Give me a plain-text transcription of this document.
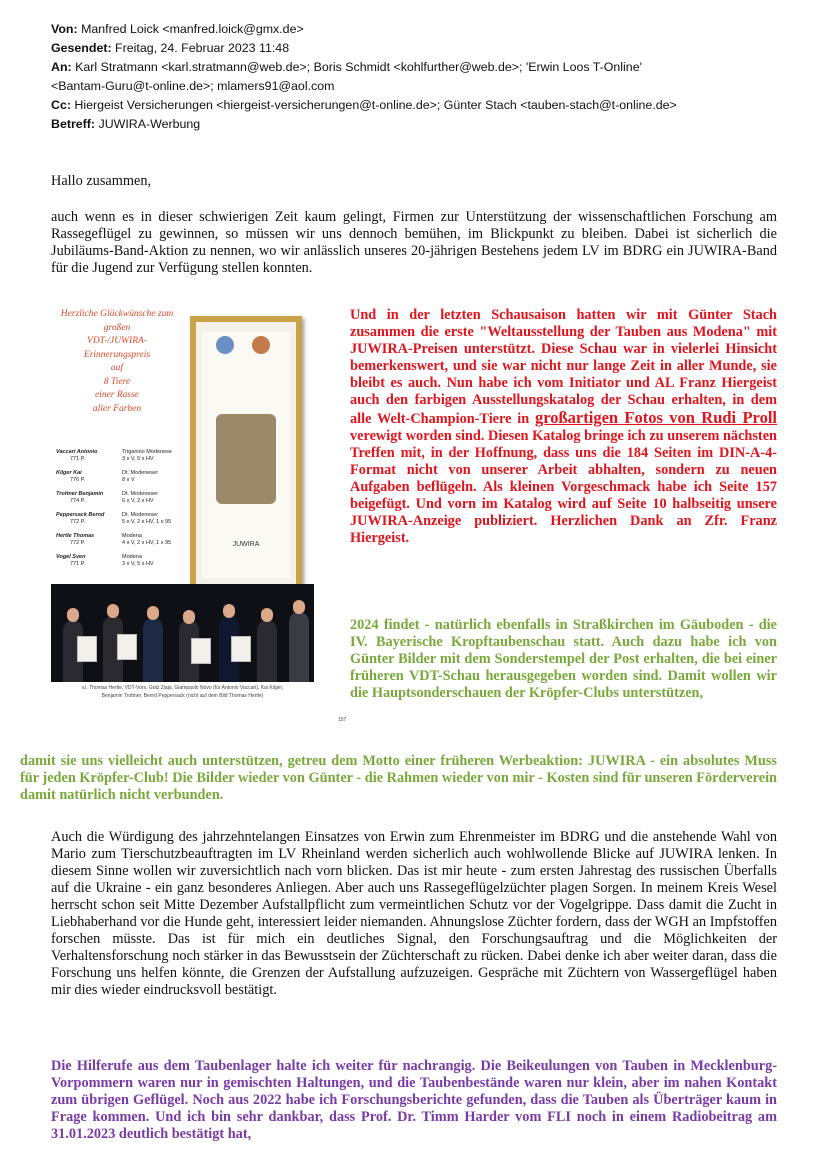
Von: Manfred Loick <manfred.loick@gmx.de>
Gesendet: Freitag, 24. Februar 2023 11:48
An: Karl Stratmann <karl.stratmann@web.de>; Boris Schmidt <kohlfurther@web.de>; 'Erwin Loos T-Online'
<Bantam-Guru@t-online.de>; mlamers91@aol.com
Cc: Hiergeist Versicherungen <hiergeist-versicherungen@t-online.de>; Günter Stach <tauben-stach@t-online.de>
Betreff: JUWIRA-Werbung
Hallo zusammen,
auch wenn es in dieser schwierigen Zeit kaum gelingt, Firmen zur Unterstützung der wissenschaftlichen Forschung am Rassegeflügel zu gewinnen, so müssen wir uns dennoch bemühen, im Blickpunkt zu bleiben. Dabei ist sicherlich die Jubiläums-Band-Aktion zu nennen, wo wir anlässlich unseres 20-jährigen Bestehens jedem LV im BDRG ein JUWIRA-Band für die Jugend zur Verfügung stellen konnten.
Herzliche Glückwünsche zum
großen
VDT-/JUWIRA-
Erinnerungspreis
auf
8 Tiere
einer Rasse
aller Farben
Vaccari Antonio	Triganino Modenese
771 P.	3 x V, 5 x HV
Kilger Kai	Dt. Modeneser
776 P.	8 x V
Trottner Benjamin	Dt. Modeneser
774 P.	6 x V, 2 x HV
Peppersack Bernd	Dt. Modeneser
772 P.	5 x V, 2 x HV, 1 x 95
Hertle Thomas	Modena
772 P.	4 x V, 2 x HV, 1 x 95
Vogel Sven	Modena
771 P.	3 x V, 5 x HV
JUWIRA
v.l. Thomas Hertle, VDT-Vors. Götz Ziaja, Giampaolo Novo (für Antonio Vaccari), Kai Kilger,
Benjamin Trottner, Bernd Peppersack (nicht auf dem Bild Thomas Hertle)
157
Und in der letzten Schausaison hatten wir mit Günter Stach zusammen die erste "Weltausstellung der Tauben aus Modena" mit JUWIRA-Preisen unterstützt. Diese Schau war in vielerlei Hinsicht bemerkenswert, und sie war nicht nur lange Zeit in aller Munde, sie bleibt es auch. Nun habe ich vom Initiator und AL Franz Hiergeist auch den farbigen Ausstellungskatalog der Schau erhalten, in dem alle Welt-Champion-Tiere in großartigen Fotos von Rudi Proll verewigt worden sind. Diesen Katalog bringe ich zu unserem nächsten Treffen mit, in der Hoffnung, dass uns die 184 Seiten im DIN-A-4-Format nicht von unserer Arbeit abhalten, sondern zu neuen Aufgaben beflügeln. Als kleinen Vorgeschmack habe ich Seite 157 beigefügt. Und vorn im Katalog wird auf Seite 10 halbseitig unsere JUWIRA-Anzeige publiziert. Herzlichen Dank an Zfr. Franz Hiergeist.
2024 findet - natürlich ebenfalls in Straßkirchen im Gäuboden - die IV. Bayerische Kropftaubenschau statt. Auch dazu habe ich von Günter Bilder mit dem Sonderstempel der Post erhalten, die bei einer früheren VDT-Schau herausgegeben worden sind. Damit wollen wir die Hauptsonderschauen der Kröpfer-Clubs unterstützen,
damit sie uns vielleicht auch unterstützen, getreu dem Motto einer früheren Werbeaktion: JUWIRA - ein absolutes Muss für jeden Kröpfer-Club! Die Bilder wieder von Günter - die Rahmen wieder von mir - Kosten sind für unseren Förderverein damit natürlich nicht verbunden.
Auch die Würdigung des jahrzehntelangen Einsatzes von Erwin zum Ehrenmeister im BDRG und die anstehende Wahl von Mario zum Tierschutzbeauftragten im LV Rheinland werden sicherlich auch wohlwollende Blicke auf JUWIRA lenken. In diesem Sinne wollen wir zuversichtlich nach vorn blicken. Das ist mir heute - zum ersten Jahrestag des russischen Überfalls auf die Ukraine - ein ganz besonderes Anliegen. Aber auch uns Rassegeflügelzüchter plagen Sorgen. In meinem Kreis Wesel herrscht schon seit Mitte Dezember Aufstallpflicht zum vermeintlichen Schutz vor der Vogelgrippe. Dass damit die Zucht in Liebhaberhand vor die Hunde geht, interessiert leider niemanden. Ahnungslose Züchter fordern, dass der WGH an Impfstoffen forschen müsste. Das ist für mich ein deutliches Signal, den Forschungsauftrag und die Möglichkeiten der Verhaltensforschung noch stärker in das Bewusstsein der Züchterschaft zu rücken. Dabei denke ich aber weiter daran, dass die Forschung uns helfen könnte, die Grenzen der Aufstallung aufzuzeigen. Gespräche mit Züchtern von Wassergeflügel haben mir dies wieder eindrucksvoll bestätigt.
Die Hilferufe aus dem Taubenlager halte ich weiter für nachrangig. Die Beikeulungen von Tauben in Mecklenburg-Vorpommern waren nur in gemischten Haltungen, und die Taubenbestände waren nur klein, aber im nahen Kontakt zum übrigen Geflügel. Noch aus 2022 habe ich Forschungsberichte gefunden, dass die Tauben als Überträger kaum in Frage kommen. Und ich bin sehr dankbar, dass Prof. Dr. Timm Harder vom FLI noch in einem Radiobeitrag am 31.01.2023 deutlich bestätigt hat,
